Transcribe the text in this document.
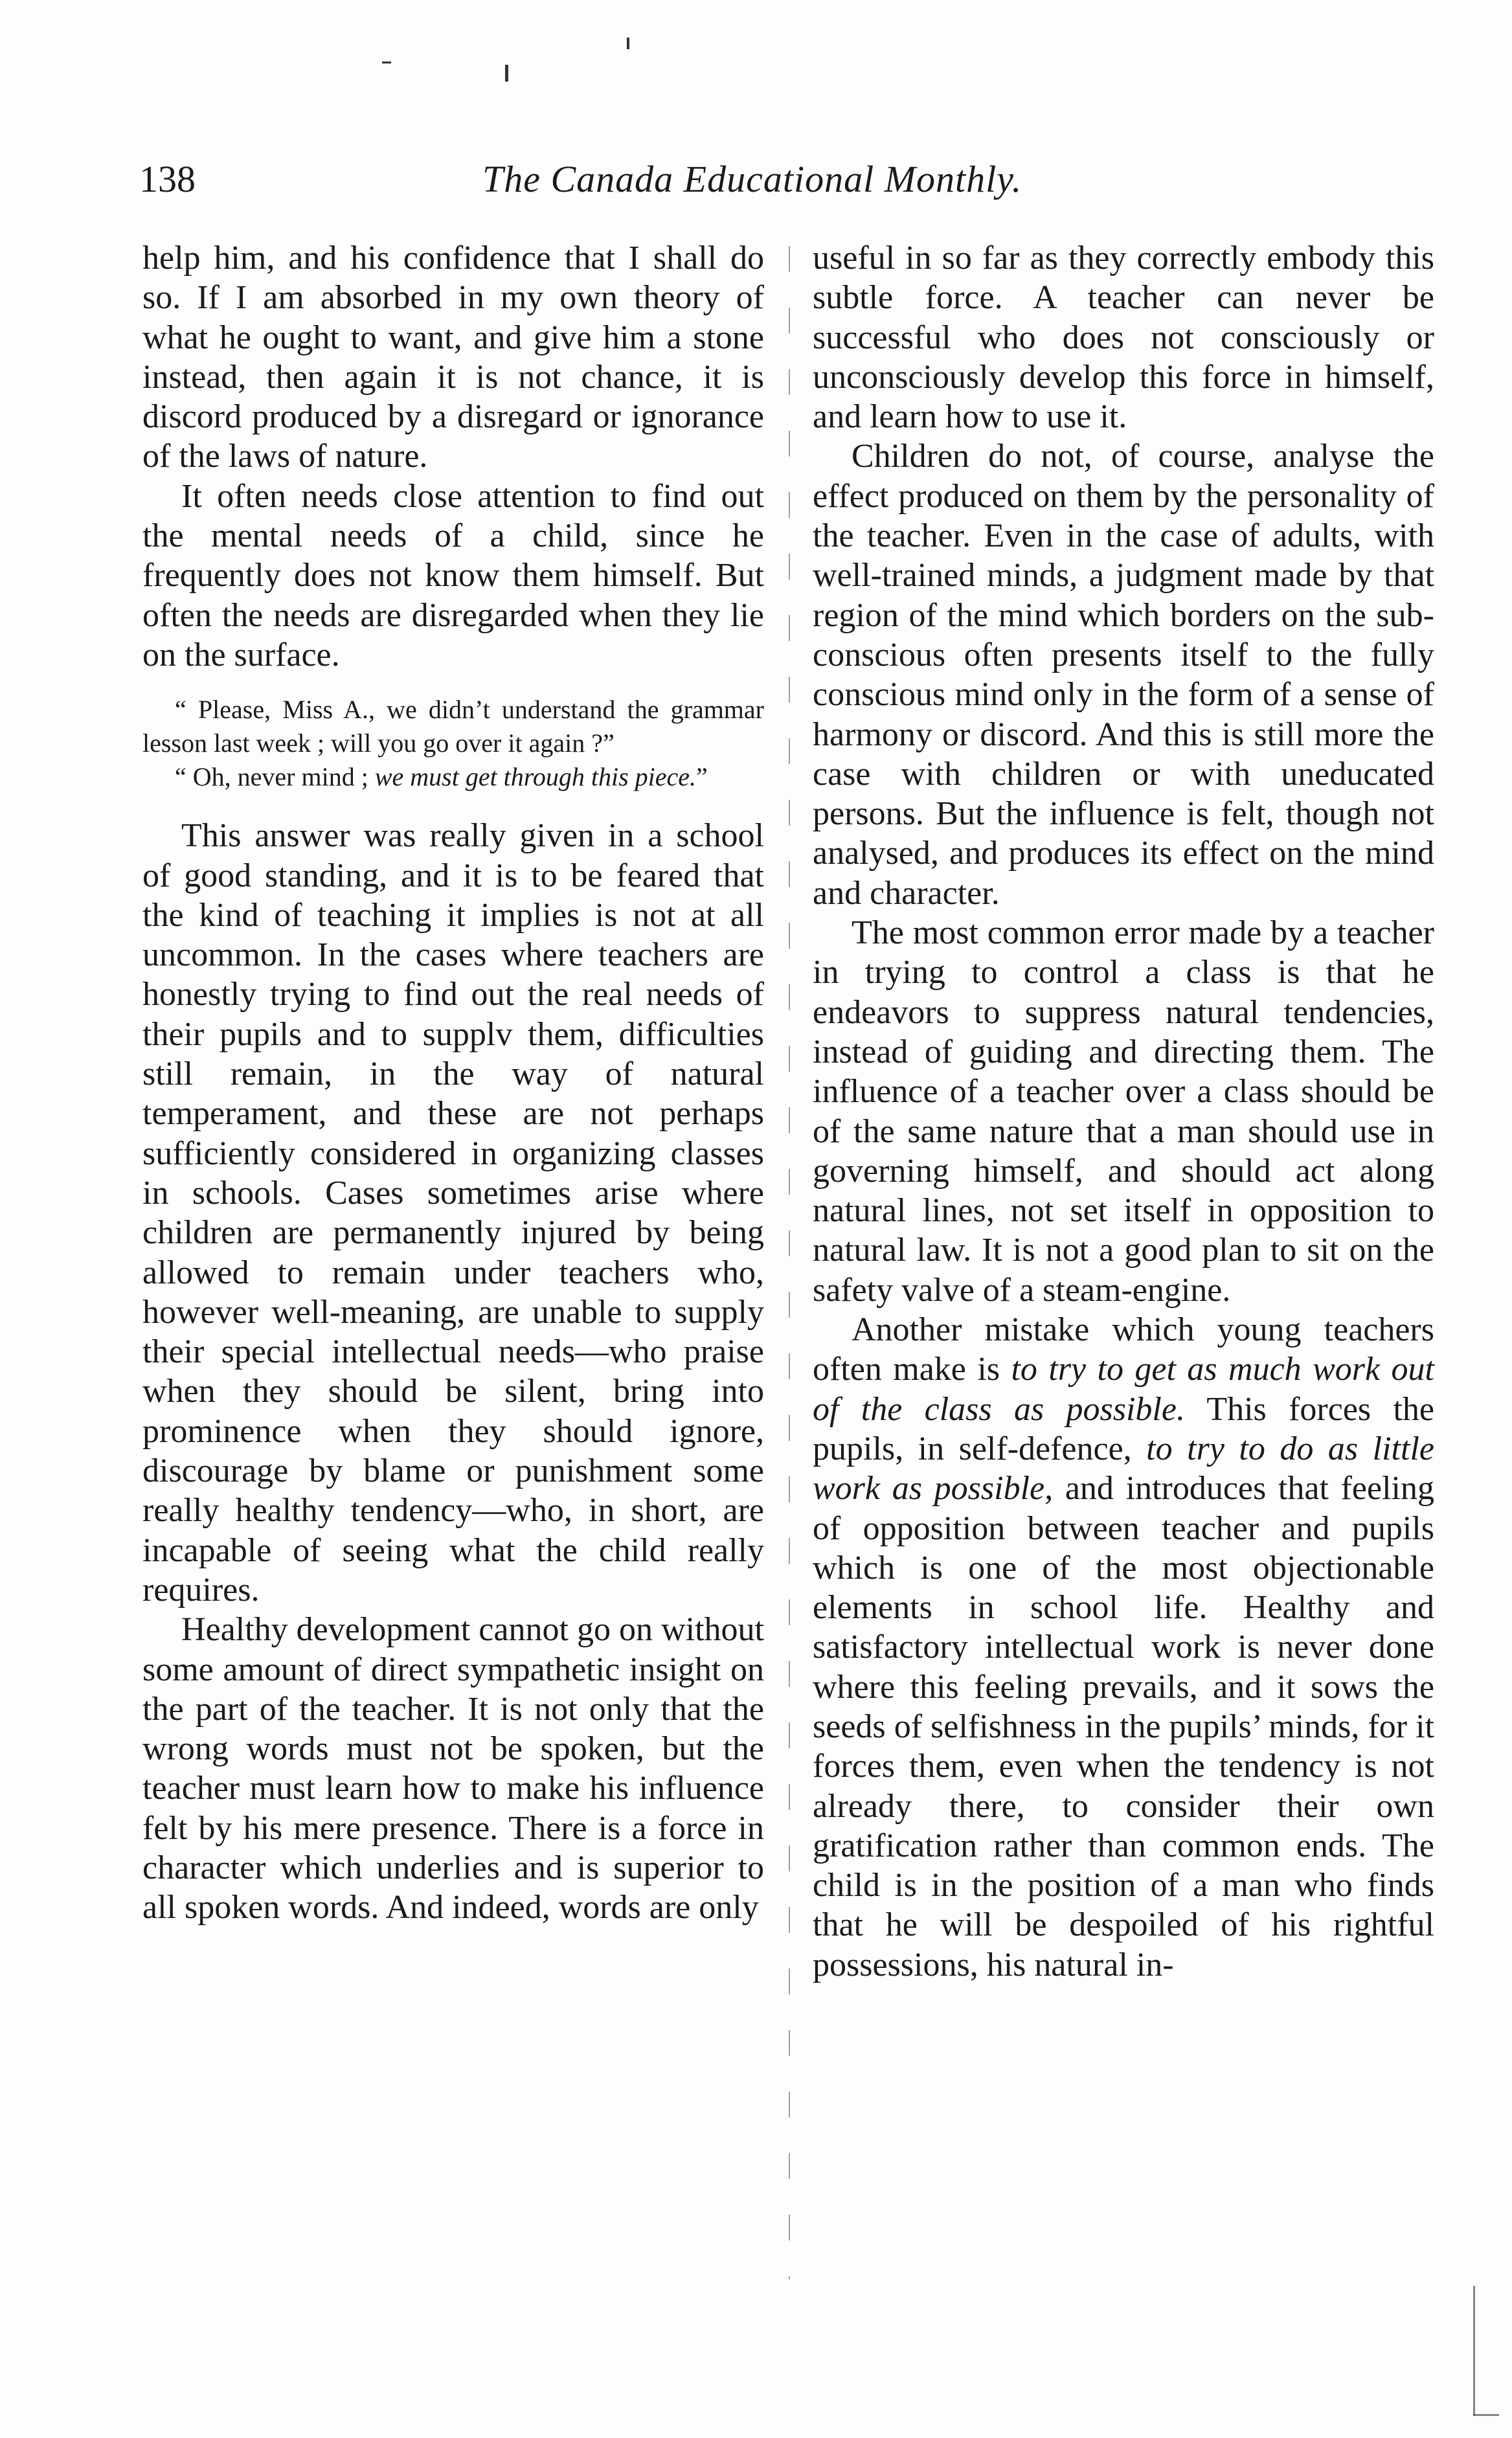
138	The Canada Educational Monthly.

help him, and his confidence that I shall do so. If I am absorbed in my own theory of what he ought to want, and give him a stone instead, then again it is not chance, it is discord produced by a disregard or ignorance of the laws of nature.

It often needs close attention to find out the mental needs of a child, since he frequently does not know them himself. But often the needs are disregarded when they lie on the surface.

“ Please, Miss A., we didn’t understand the grammar lesson last week ; will you go over it again ?”

“ Oh, never mind ; we must get through this piece.”

This answer was really given in a school of good standing, and it is to be feared that the kind of teaching it implies is not at all uncommon. In the cases where teachers are honestly trying to find out the real needs of their pupils and to supplv them, difficulties still remain, in the way of natural temperament, and these are not perhaps sufficiently considered in organizing classes in schools. Cases sometimes arise where children are permanently injured by being allowed to remain under teachers who, however well-meaning, are unable to supply their special intellectual needs—who praise when they should be silent, bring into prominence when they should ignore, discourage by blame or punishment some really healthy tendency—who, in short, are incapable of seeing what the child really requires.

Healthy development cannot go on without some amount of direct sympathetic insight on the part of the teacher. It is not only that the wrong words must not be spoken, but the teacher must learn how to make his influence felt by his mere presence. There is a force in character which underlies and is superior to all spoken words. And indeed, words are only

useful in so far as they correctly embody this subtle force. A teacher can never be successful who does not consciously or unconsciously develop this force in himself, and learn how to use it.

Children do not, of course, analyse the effect produced on them by the personality of the teacher. Even in the case of adults, with well-trained minds, a judgment made by that region of the mind which borders on the sub-conscious often presents itself to the fully conscious mind only in the form of a sense of harmony or discord. And this is still more the case with children or with uneducated persons. But the influence is felt, though not analysed, and produces its effect on the mind and character.

The most common error made by a teacher in trying to control a class is that he endeavors to suppress natural tendencies, instead of guiding and directing them. The influence of a teacher over a class should be of the same nature that a man should use in governing himself, and should act along natural lines, not set itself in opposition to natural law. It is not a good plan to sit on the safety valve of a steam-engine.

Another mistake which young teachers often make is to try to get as much work out of the class as possible. This forces the pupils, in self-defence, to try to do as little work as possible, and introduces that feeling of opposition between teacher and pupils which is one of the most objectionable elements in school life. Healthy and satisfactory intellectual work is never done where this feeling prevails, and it sows the seeds of selfishness in the pupils’ minds, for it forces them, even when the tendency is not already there, to consider their own gratification rather than common ends. The child is in the position of a man who finds that he will be despoiled of his rightful possessions, his natural in-
